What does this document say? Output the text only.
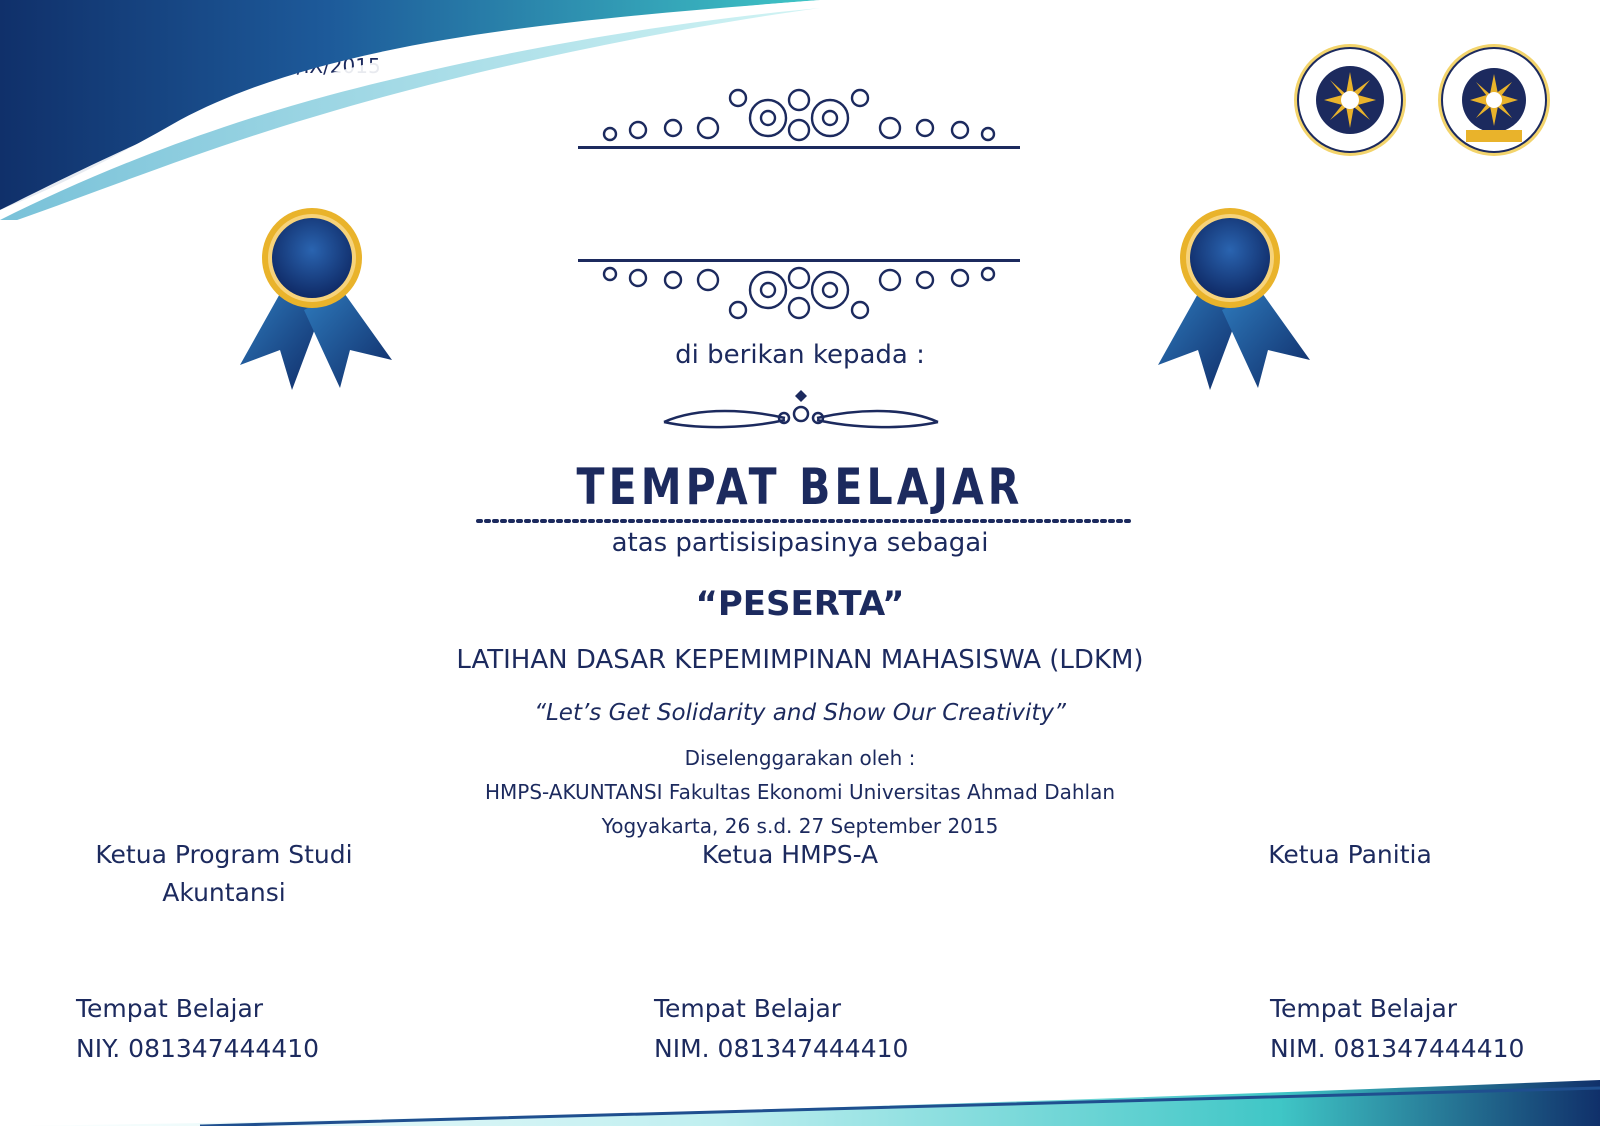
di berikan kepada :
TEMPAT BELAJAR
atas partisisipasinya sebagai
“PESERTA”
LATIHAN DASAR KEPEMIMPINAN MAHASISWA (LDKM)
“Let’s Get Solidarity and Show Our Creativity”
Diselenggarakan oleh :
HMPS-AKUNTANSI Fakultas Ekonomi Universitas Ahmad Dahlan
Yogyakarta, 26 s.d. 27 September 2015
Ketua Program Studi
Akuntansi
Ketua HMPS-A	Ketua Panitia
Tempat Belajar
NIY. 081347444410
Tempat Belajar
NIM. 081347444410
Tempat Belajar
NIM. 081347444410
